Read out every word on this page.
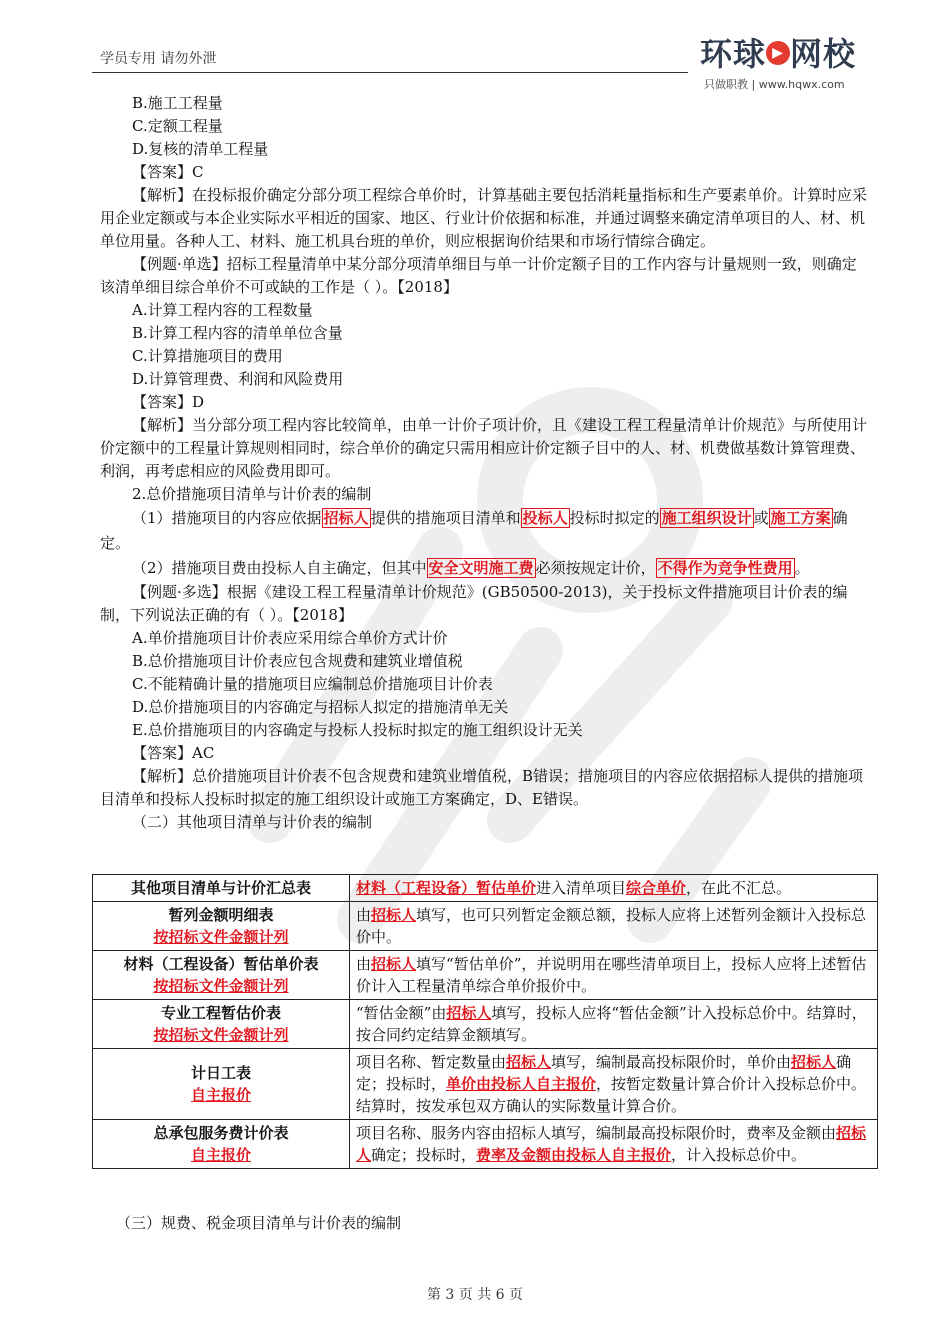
学员专用 请勿外泄	环球 ▶ 网校
只做职教 | www.hqwx.com

B.施工工程量

C.定额工程量

D.复核的清单工程量

【答案】C

【解析】在投标报价确定分部分项工程综合单价时，计算基础主要包括消耗量指标和生产要素单价。计算时应采用企业定额或与本企业实际水平相近的国家、地区、行业计价依据和标准，并通过调整来确定清单项目的人、材、机单位用量。各种人工、材料、施工机具台班的单价，则应根据询价结果和市场行情综合确定。

【例题·单选】招标工程量清单中某分部分项清单细目与单一计价定额子目的工作内容与计量规则一致，则确定该清单细目综合单价不可或缺的工作是（ ）。【2018】

A.计算工程内容的工程数量

B.计算工程内容的清单单位含量

C.计算措施项目的费用

D.计算管理费、利润和风险费用

【答案】D

【解析】当分部分项工程内容比较简单，由单一计价子项计价，且《建设工程工程量清单计价规范》与所使用计价定额中的工程量计算规则相同时，综合单价的确定只需用相应计价定额子目中的人、材、机费做基数计算管理费、利润，再考虑相应的风险费用即可。

2.总价措施项目清单与计价表的编制

（1）措施项目的内容应依据 招标人 提供的措施项目清单和 投标人 投标时拟定的 施工组织设计 或 施工方案 确定。

（2）措施项目费由投标人自主确定，但其中 安全文明施工费 必须按规定计价， 不得作为竞争性费用 。

【例题·多选】根据《建设工程工程量清单计价规范》(GB50500-2013)，关于投标文件措施项目计价表的编制，下列说法正确的有（ ）。【2018】

A.单价措施项目计价表应采用综合单价方式计价

B.总价措施项目计价表应包含规费和建筑业增值税

C.不能精确计量的措施项目应编制总价措施项目计价表

D.总价措施项目的内容确定与招标人拟定的措施清单无关

E.总价措施项目的内容确定与投标人投标时拟定的施工组织设计无关

【答案】AC

【解析】总价措施项目计价表不包含规费和建筑业增值税，B错误；措施项目的内容应依据招标人提供的措施项目清单和投标人投标时拟定的施工组织设计或施工方案确定，D、E错误。

（二）其他项目清单与计价表的编制

其他项目清单与计价汇总表	材料（工程设备）暂估单价进入清单项目综合单价，在此不汇总。

暂列金额明细表
按招标文件金额计列	由招标人填写，也可只列暂定金额总额，投标人应将上述暂列金额计入投标总价中。

材料（工程设备）暂估单价表
按招标文件金额计列	由招标人填写“暂估单价”，并说明用在哪些清单项目上，投标人应将上述暂估价计入工程量清单综合单价报价中。

专业工程暂估价表
按招标文件金额计列	“暂估金额”由招标人填写，投标人应将“暂估金额”计入投标总价中。结算时，按合同约定结算金额填写。

计日工表
自主报价	项目名称、暂定数量由招标人填写，编制最高投标限价时，单价由招标人确定；投标时，单价由投标人自主报价，按暂定数量计算合价计入投标总价中。结算时，按发承包双方确认的实际数量计算合价。

总承包服务费计价表
自主报价	项目名称、服务内容由招标人填写，编制最高投标限价时，费率及金额由招标人确定；投标时，费率及金额由投标人自主报价，计入投标总价中。
（三）规费、税金项目清单与计价表的编制
第 3 页 共 6 页
